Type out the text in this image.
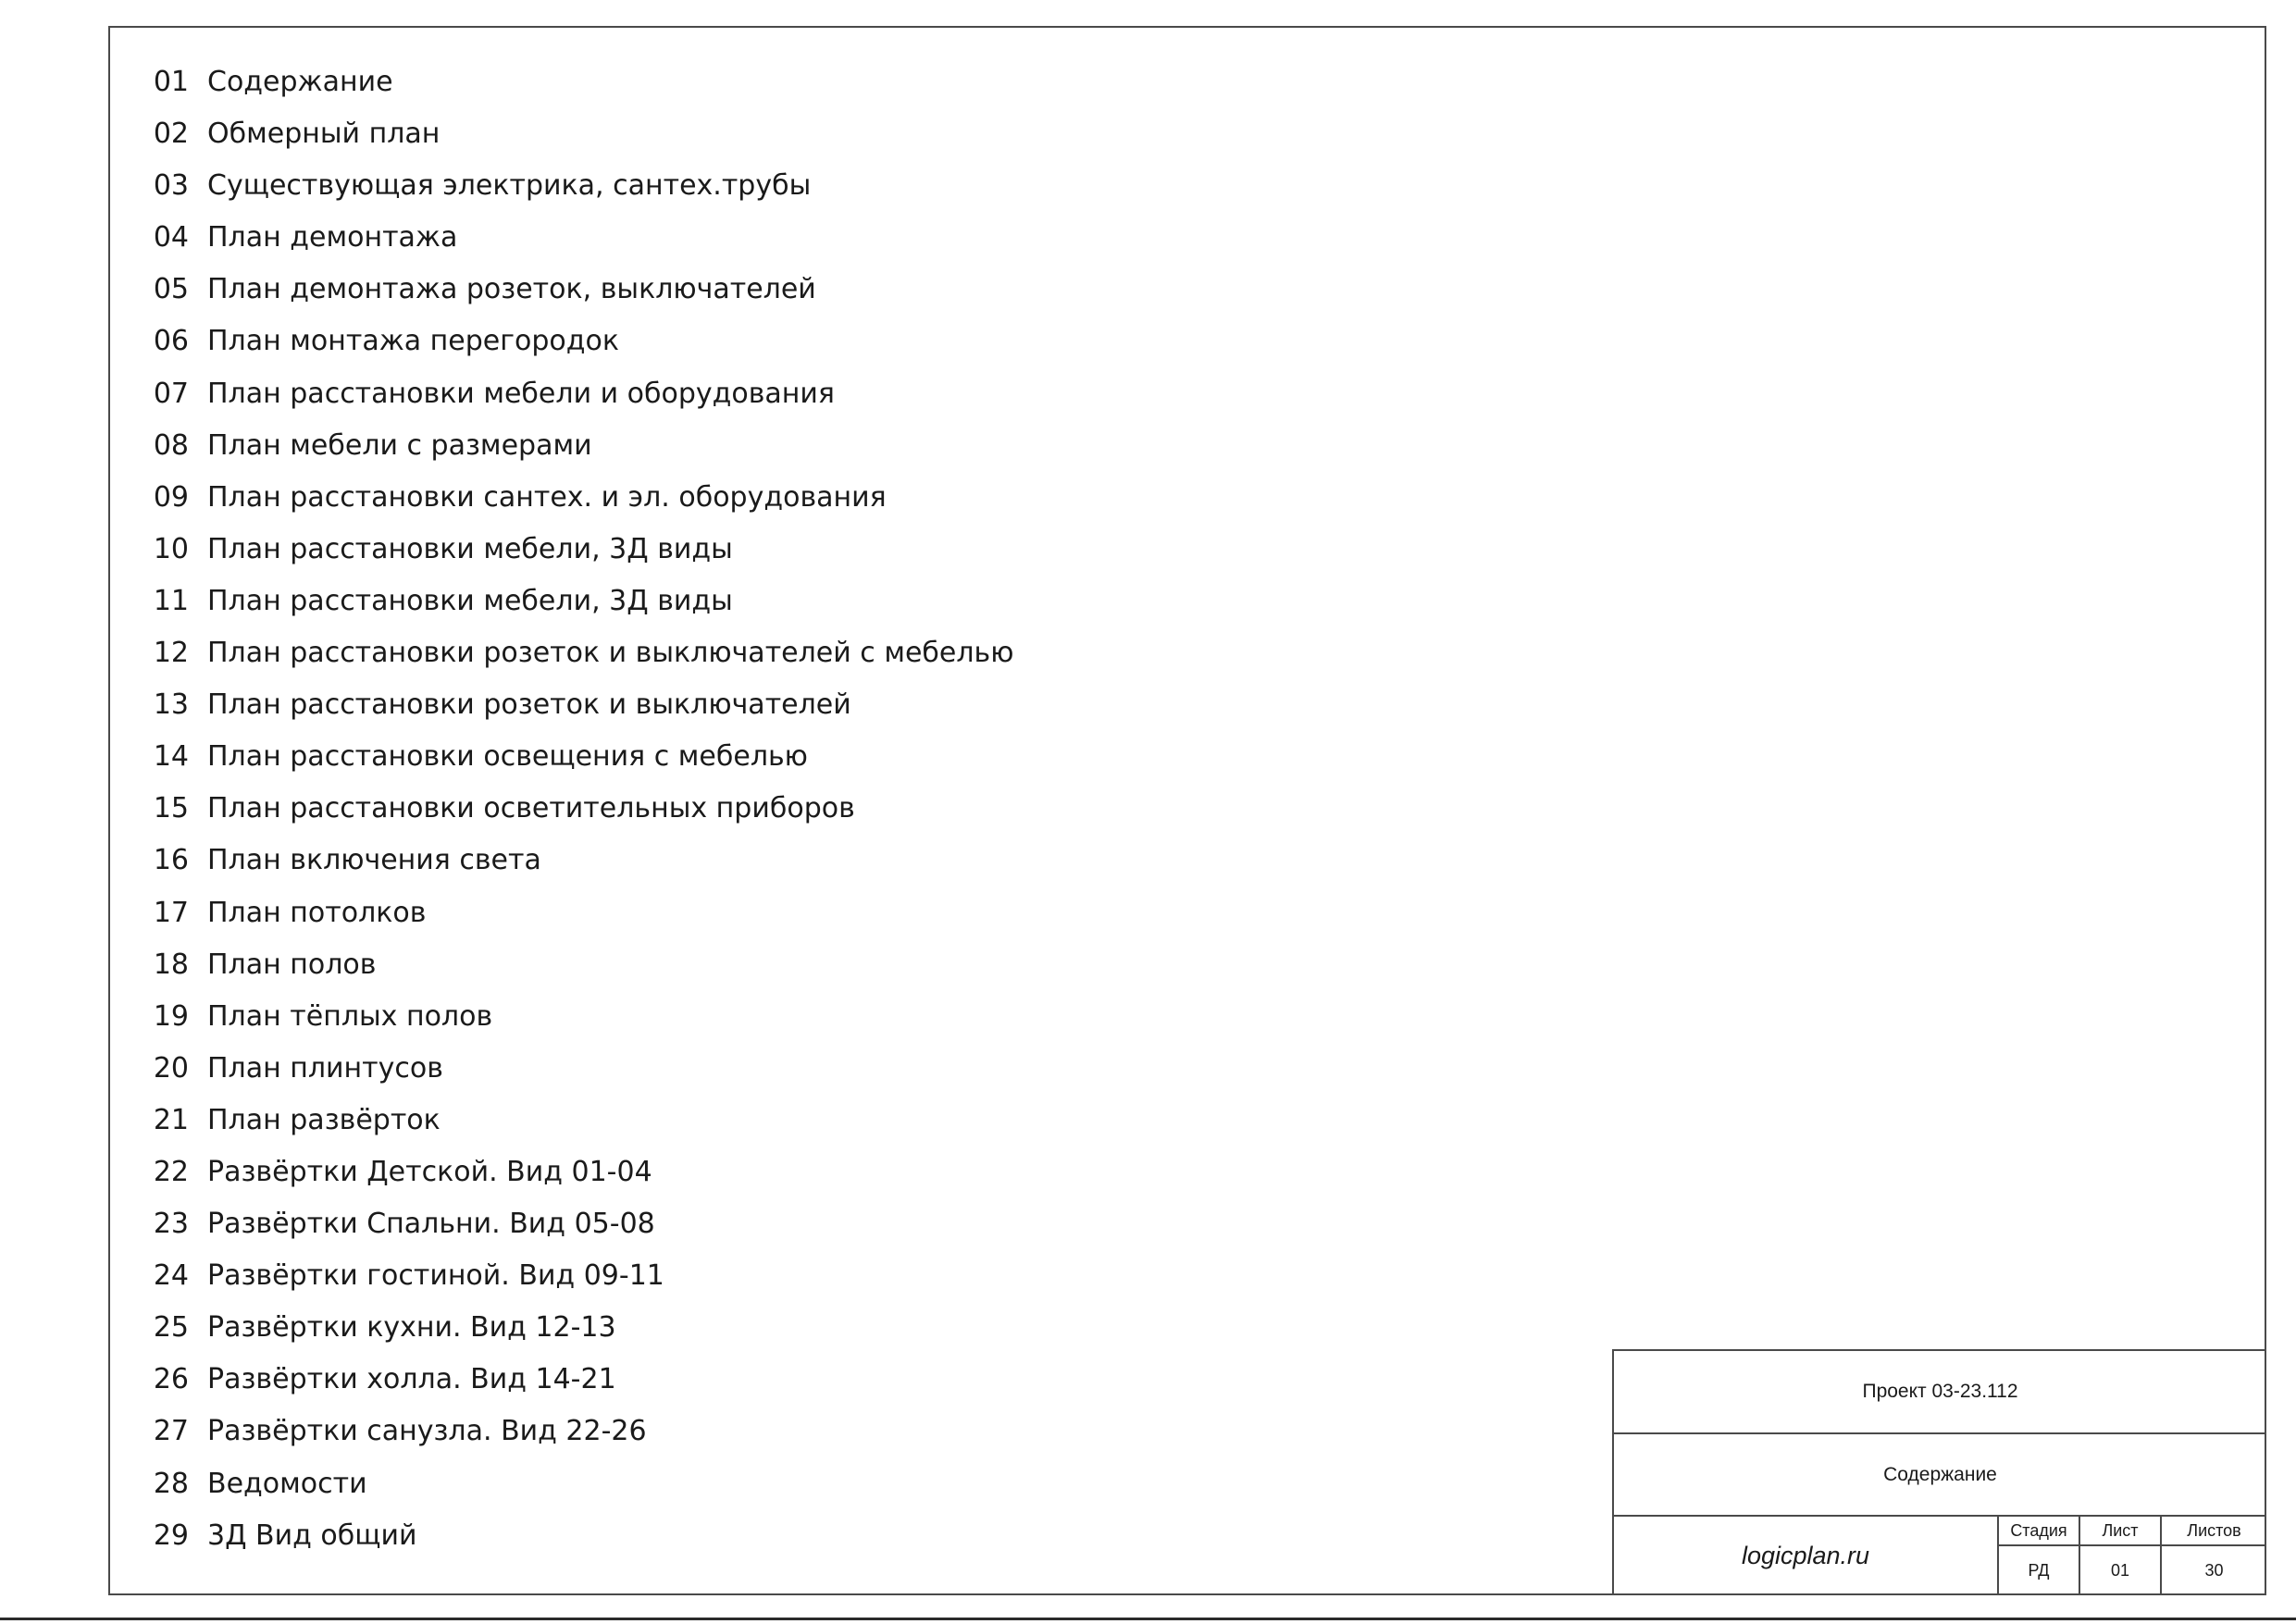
01 Содержание
02 Обмерный план
03 Существующая электрика, сантех.трубы
04 План демонтажа
05 План демонтажа розеток, выключателей
06 План монтажа перегородок
07 План расстановки мебели и оборудования
08 План мебели с размерами
09 План расстановки сантех. и эл. оборудования
10 План расстановки мебели, 3Д виды
11 План расстановки мебели, 3Д виды
12 План расстановки розеток и выключателей с мебелью
13 План расстановки розеток и выключателей
14 План расстановки освещения с мебелью
15 План расстановки осветительных приборов
16 План включения света
17 План потолков
18 План полов
19 План тёплых полов
20 План плинтусов
21 План развёрток
22 Развёртки Детской. Вид 01-04
23 Развёртки Спальни. Вид 05-08
24 Развёртки гостиной. Вид 09-11
25 Развёртки кухни. Вид 12-13
26 Развёртки холла. Вид 14-21
27 Развёртки санузла. Вид 22-26
28 Ведомости
29 3Д Вид общий
Проект 03-23.112
Содержание
logicplan.ru
Стадия	Лист	Листов
РД	01	30
